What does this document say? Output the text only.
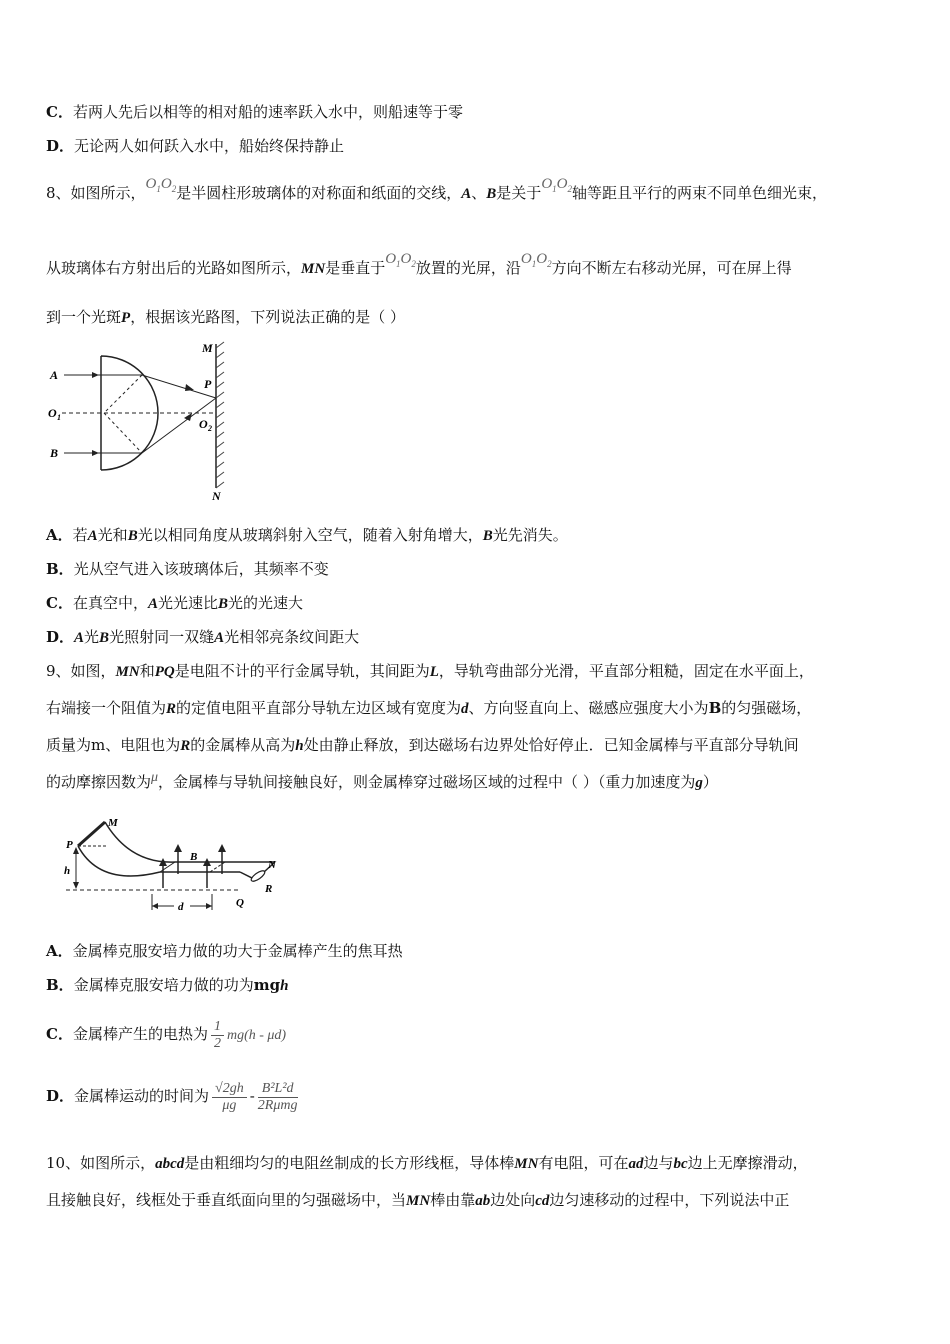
C．若两人先后以相等的相对船的速率跃入水中，则船速等于零
D．无论两人如何跃入水中，船始终保持静止
8、如图所示，$O_1O_2$是半圆柱形玻璃体的对称面和纸面的交线，A、B是关于$O_1O_2$轴等距且平行的两束不同单色细光束，
从玻璃体右方射出后的光路如图所示，MN是垂直于$O_1O_2$放置的光屏，沿$O_1O_2$方向不断左右移动光屏，可在屏上得
到一个光斑P，根据该光路图，下列说法正确的是（ ）
M
N
P
A
B
O 1	O 2
A．若A光和B光以相同角度从玻璃斜射入空气，随着入射角增大，B光先消失。
B．光从空气进入该玻璃体后，其频率不变
C．在真空中，A光光速比B光的光速大
D．A光B光照射同一双缝A光相邻亮条纹间距大
9、如图，MN和PQ是电阻不计的平行金属导轨，其间距为L，导轨弯曲部分光滑，平直部分粗糙，固定在水平面上，
右端接一个阻值为R的定值电阻平直部分导轨左边区域有宽度为d、方向竖直向上、磁感应强度大小为B的匀强磁场，
质量为m、电阻也为R的金属棒从高为h处由静止释放，到达磁场右边界处恰好停止．已知金属棒与平直部分导轨间
的动摩擦因数为μ，金属棒与导轨间接触良好，则金属棒穿过磁场区域的过程中（ ）（重力加速度为g）
M
P
N
Q
R
B
h
d
A．金属棒克服安培力做的功大于金属棒产生的焦耳热
B．金属棒克服安培力做的功为mgh
C．金属棒产生的电热为 $\frac{1}{2} mg(h - \mu d)$
D．金属棒运动的时间为 $\frac{√2gh}{\mu g} - \frac{\text{B²L²d}}{\text{2Rμmg}}$
10、如图所示，abcd是由粗细均匀的电阻丝制成的长方形线框，导体棒MN有电阻，可在ad边与bc边上无摩擦滑动，
且接触良好，线框处于垂直纸面向里的匀强磁场中，当MN棒由靠ab边处向cd边匀速移动的过程中，下列说法中正
